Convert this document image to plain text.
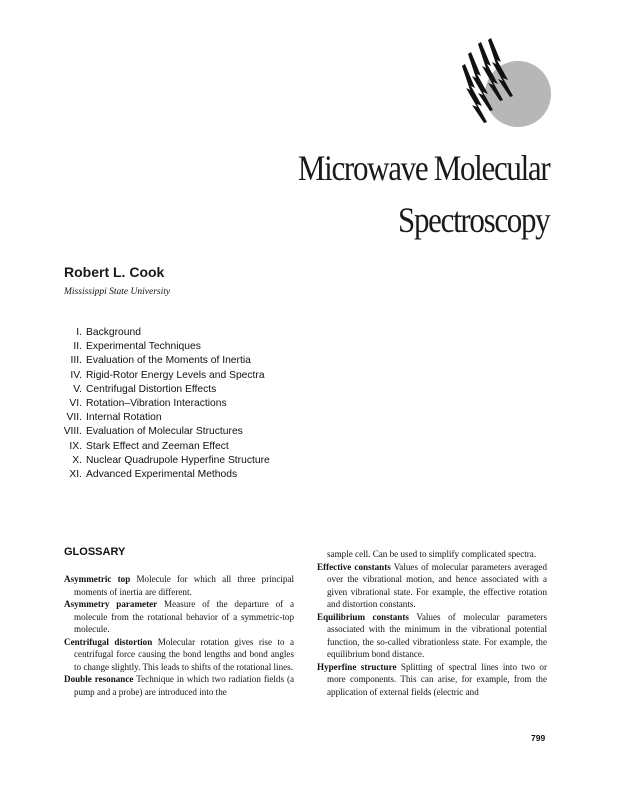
Microwave Molecular
Spectroscopy
Robert L. Cook
Mississippi State University
I. Background
II. Experimental Techniques
III. Evaluation of the Moments of Inertia
IV. Rigid-Rotor Energy Levels and Spectra
V. Centrifugal Distortion Effects
VI. Rotation–Vibration Interactions
VII. Internal Rotation
VIII. Evaluation of Molecular Structures
IX. Stark Effect and Zeeman Effect
X. Nuclear Quadrupole Hyperfine Structure
XI. Advanced Experimental Methods
GLOSSARY

Asymmetric top Molecule for which all three principal moments of inertia are different.

Asymmetry parameter Measure of the departure of a molecule from the rotational behavior of a symmetric-top molecule.

Centrifugal distortion Molecular rotation gives rise to a centrifugal force causing the bond lengths and bond angles to change slightly. This leads to shifts of the rotational lines.

Double resonance Technique in which two radiation fields (a pump and a probe) are introduced into the

sample cell. Can be used to simplify complicated spectra.

Effective constants Values of molecular parameters averaged over the vibrational motion, and hence associated with a given vibrational state. For example, the effective rotation and distortion constants.

Equilibrium constants Values of molecular parameters associated with the minimum in the vibrational potential function, the so-called vibrationless state. For example, the equilibrium bond distance.

Hyperfine structure Splitting of spectral lines into two or more components. This can arise, for example, from the application of external fields (electric and

799
